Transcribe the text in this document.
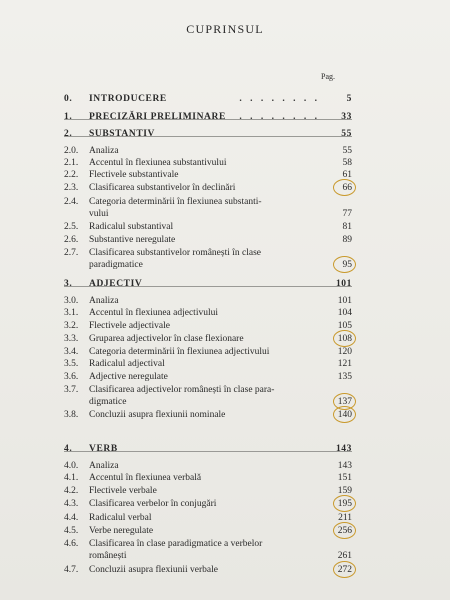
CUPRINSUL
Pag.
0. INTRODUCERE	. . . . . . . .	5
1. PRECIZĂRI PRELIMINARE . . . . . . . .	33
2. SUBSTANTIV	55
2.0. Analiza	55
2.1. Accentul în flexiunea substantivului	58
2.2. Flectivele substantivale	61
2.3. Clasificarea substantivelor în declinări	66
2.4. Categoria determinării în flexiunea substanti-
vului	77
2.5. Radicalul substantival	81
2.6. Substantive neregulate	89
2.7. Clasificarea substantivelor românești în clase
paradigmatice	95
3. ADJECTIV	101
3.0. Analiza	101
3.1. Accentul în flexiunea adjectivului	104
3.2. Flectivele adjectivale	105
3.3. Gruparea adjectivelor în clase flexionare	108
3.4. Categoria determinării în flexiunea adjectivului	120
3.5. Radicalul adjectival	121
3.6. Adjective neregulate	135
3.7. Clasificarea adjectivelor românești în clase para-
digmatice	137
3.8. Concluzii asupra flexiunii nominale	140
4. VERB	143
4.0. Analiza	143
4.1. Accentul în flexiunea verbală	151
4.2. Flectivele verbale	159
4.3. Clasificarea verbelor în conjugări	195
4.4. Radicalul verbal	211
4.5. Verbe neregulate	256
4.6. Clasificarea în clase paradigmatice a verbelor
românești	261
4.7. Concluzii asupra flexiunii verbale	272
